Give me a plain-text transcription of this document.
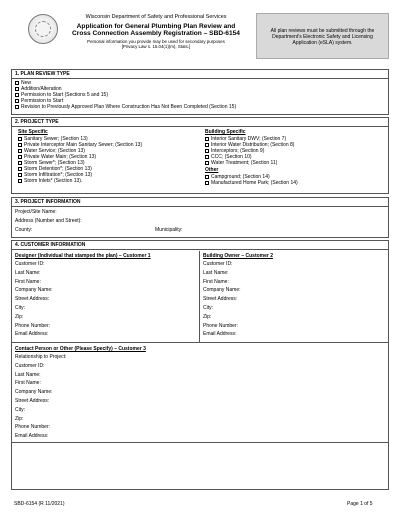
Wisconsin Department of Safety and Professional Services
Application for General Plumbing Plan Review and
Cross Connection Assembly Registration – SBD-6154
Personal information you provide may be used for secondary purposes
[Privacy Law s. 15.04(1)(m), Stats.]
All plan reviews must be submitted through the Department's Electronic Safety and Licensing Application (eSLA) system.
1. PLAN REVIEW TYPE
New
Addition/Alteration
Permission to Start (Sections 5 and 15)
Permission to Start
Revision to Previously Approved Plan Where Construction Has Not Been Completed (Section 15)
2. PROJECT TYPE
Site Specific
Sanitary Sewer; (Section 13)
Private Interceptor Main Sanitary Sewer; (Section 13)
Water Service; (Section 13)
Private Water Main; (Section 13)
Storm Sewer*; (Section 13)
Storm Detention*; (Section 13)
Storm Infiltration*; (Section 13)
Storm Inlets* (Section 13).
Building Specific
Interior Sanitary DWV; (Section 7)
Interior Water Distribution; (Section 8)
Interceptors; (Section 9)
CCC; (Section 10)
Water Treatment; (Section 11)
Other
Campground; (Section 14)
Manufactured Home Park; (Section 14)
3. PROJECT INFORMATION
Project/Site Name:
Address (Number and Street):
County:	Municipality:
4. CUSTOMER INFORMATION
Designer (Individual that stamped the plan) – Customer 1
Customer ID:
Last Name:
First Name:
Company Name:
Street Address:
City:
Zip:
Phone Number:
Email Address:
Building Owner – Customer 2
Customer ID:
Last Name:
First Name:
Company Name:
Street Address:
City:
Zip:
Phone Number:
Email Address:
Contact Person or Other (Please Specify) – Customer 3
Relationship to Project:
Customer ID:
Last Name:
First Name:
Company Name:
Street Address:
City:
Zip:
Phone Number:
Email Address:
SBD-6154 (R 11/2021)	Page 1 of 5
